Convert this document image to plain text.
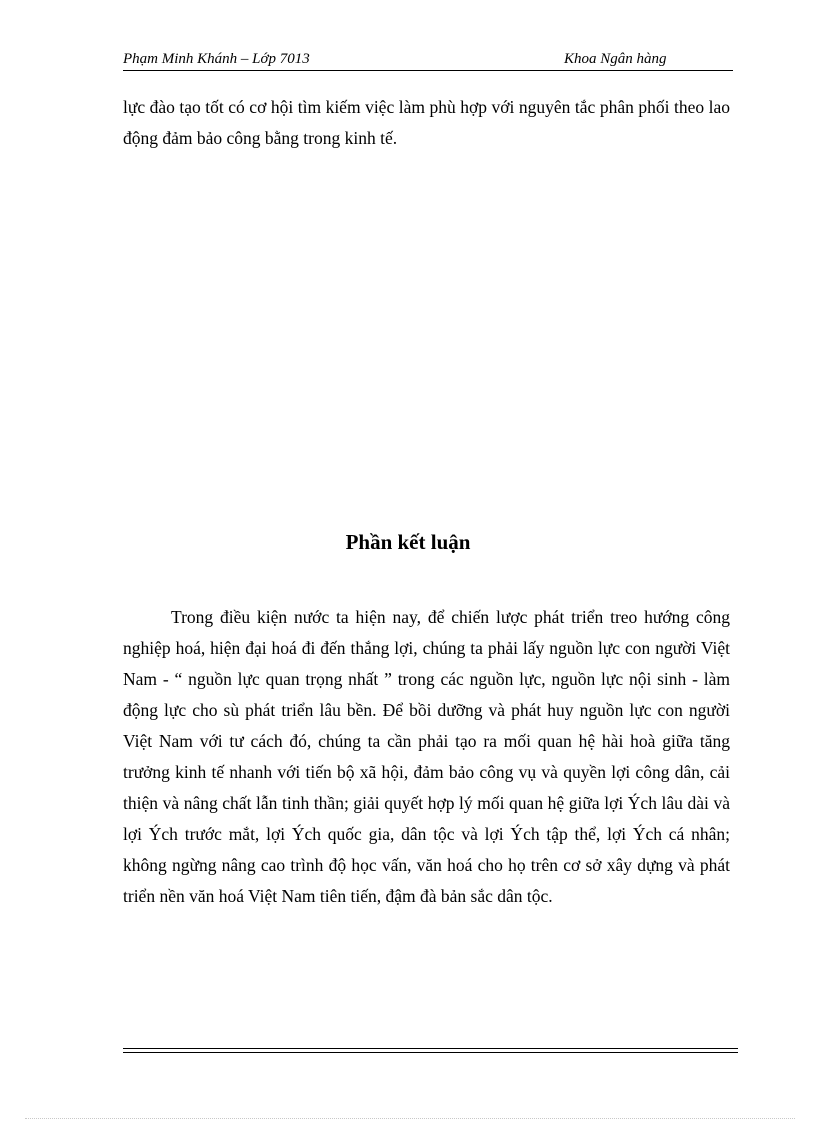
Phạm Minh Khánh – Lớp 7013	Khoa Ngân hàng

lực đào tạo tốt có cơ hội tìm kiếm việc làm phù hợp với nguyên tắc phân phối theo lao động đảm bảo công bằng trong kinh tế.

Phần kết luận

Trong điều kiện nước ta hiện nay, để chiến lược phát triển treo hướng công nghiệp hoá, hiện đại hoá đi đến thắng lợi, chúng ta phải lấy nguồn lực con người Việt Nam - “ nguồn lực quan trọng nhất ” trong các nguồn lực, nguồn lực nội sinh - làm động lực cho sù phát triển lâu bền. Để bồi dưỡng và phát huy nguồn lực con người Việt Nam với tư cách đó, chúng ta cần phải tạo ra mối quan hệ hài hoà giữa tăng trưởng kinh tế nhanh với tiến bộ xã hội, đảm bảo công vụ và quyền lợi công dân, cải thiện và nâng chất lẫn tinh thần; giải quyết hợp lý mối quan hệ giữa lợi Ých lâu dài và lợi Ých trước mắt, lợi Ých quốc gia, dân tộc và lợi Ých tập thể, lợi Ých cá nhân; không ngừng nâng cao trình độ học vấn, văn hoá cho họ trên cơ sở xây dựng và phát triển nền văn hoá Việt Nam tiên tiến, đậm đà bản sắc dân tộc.
